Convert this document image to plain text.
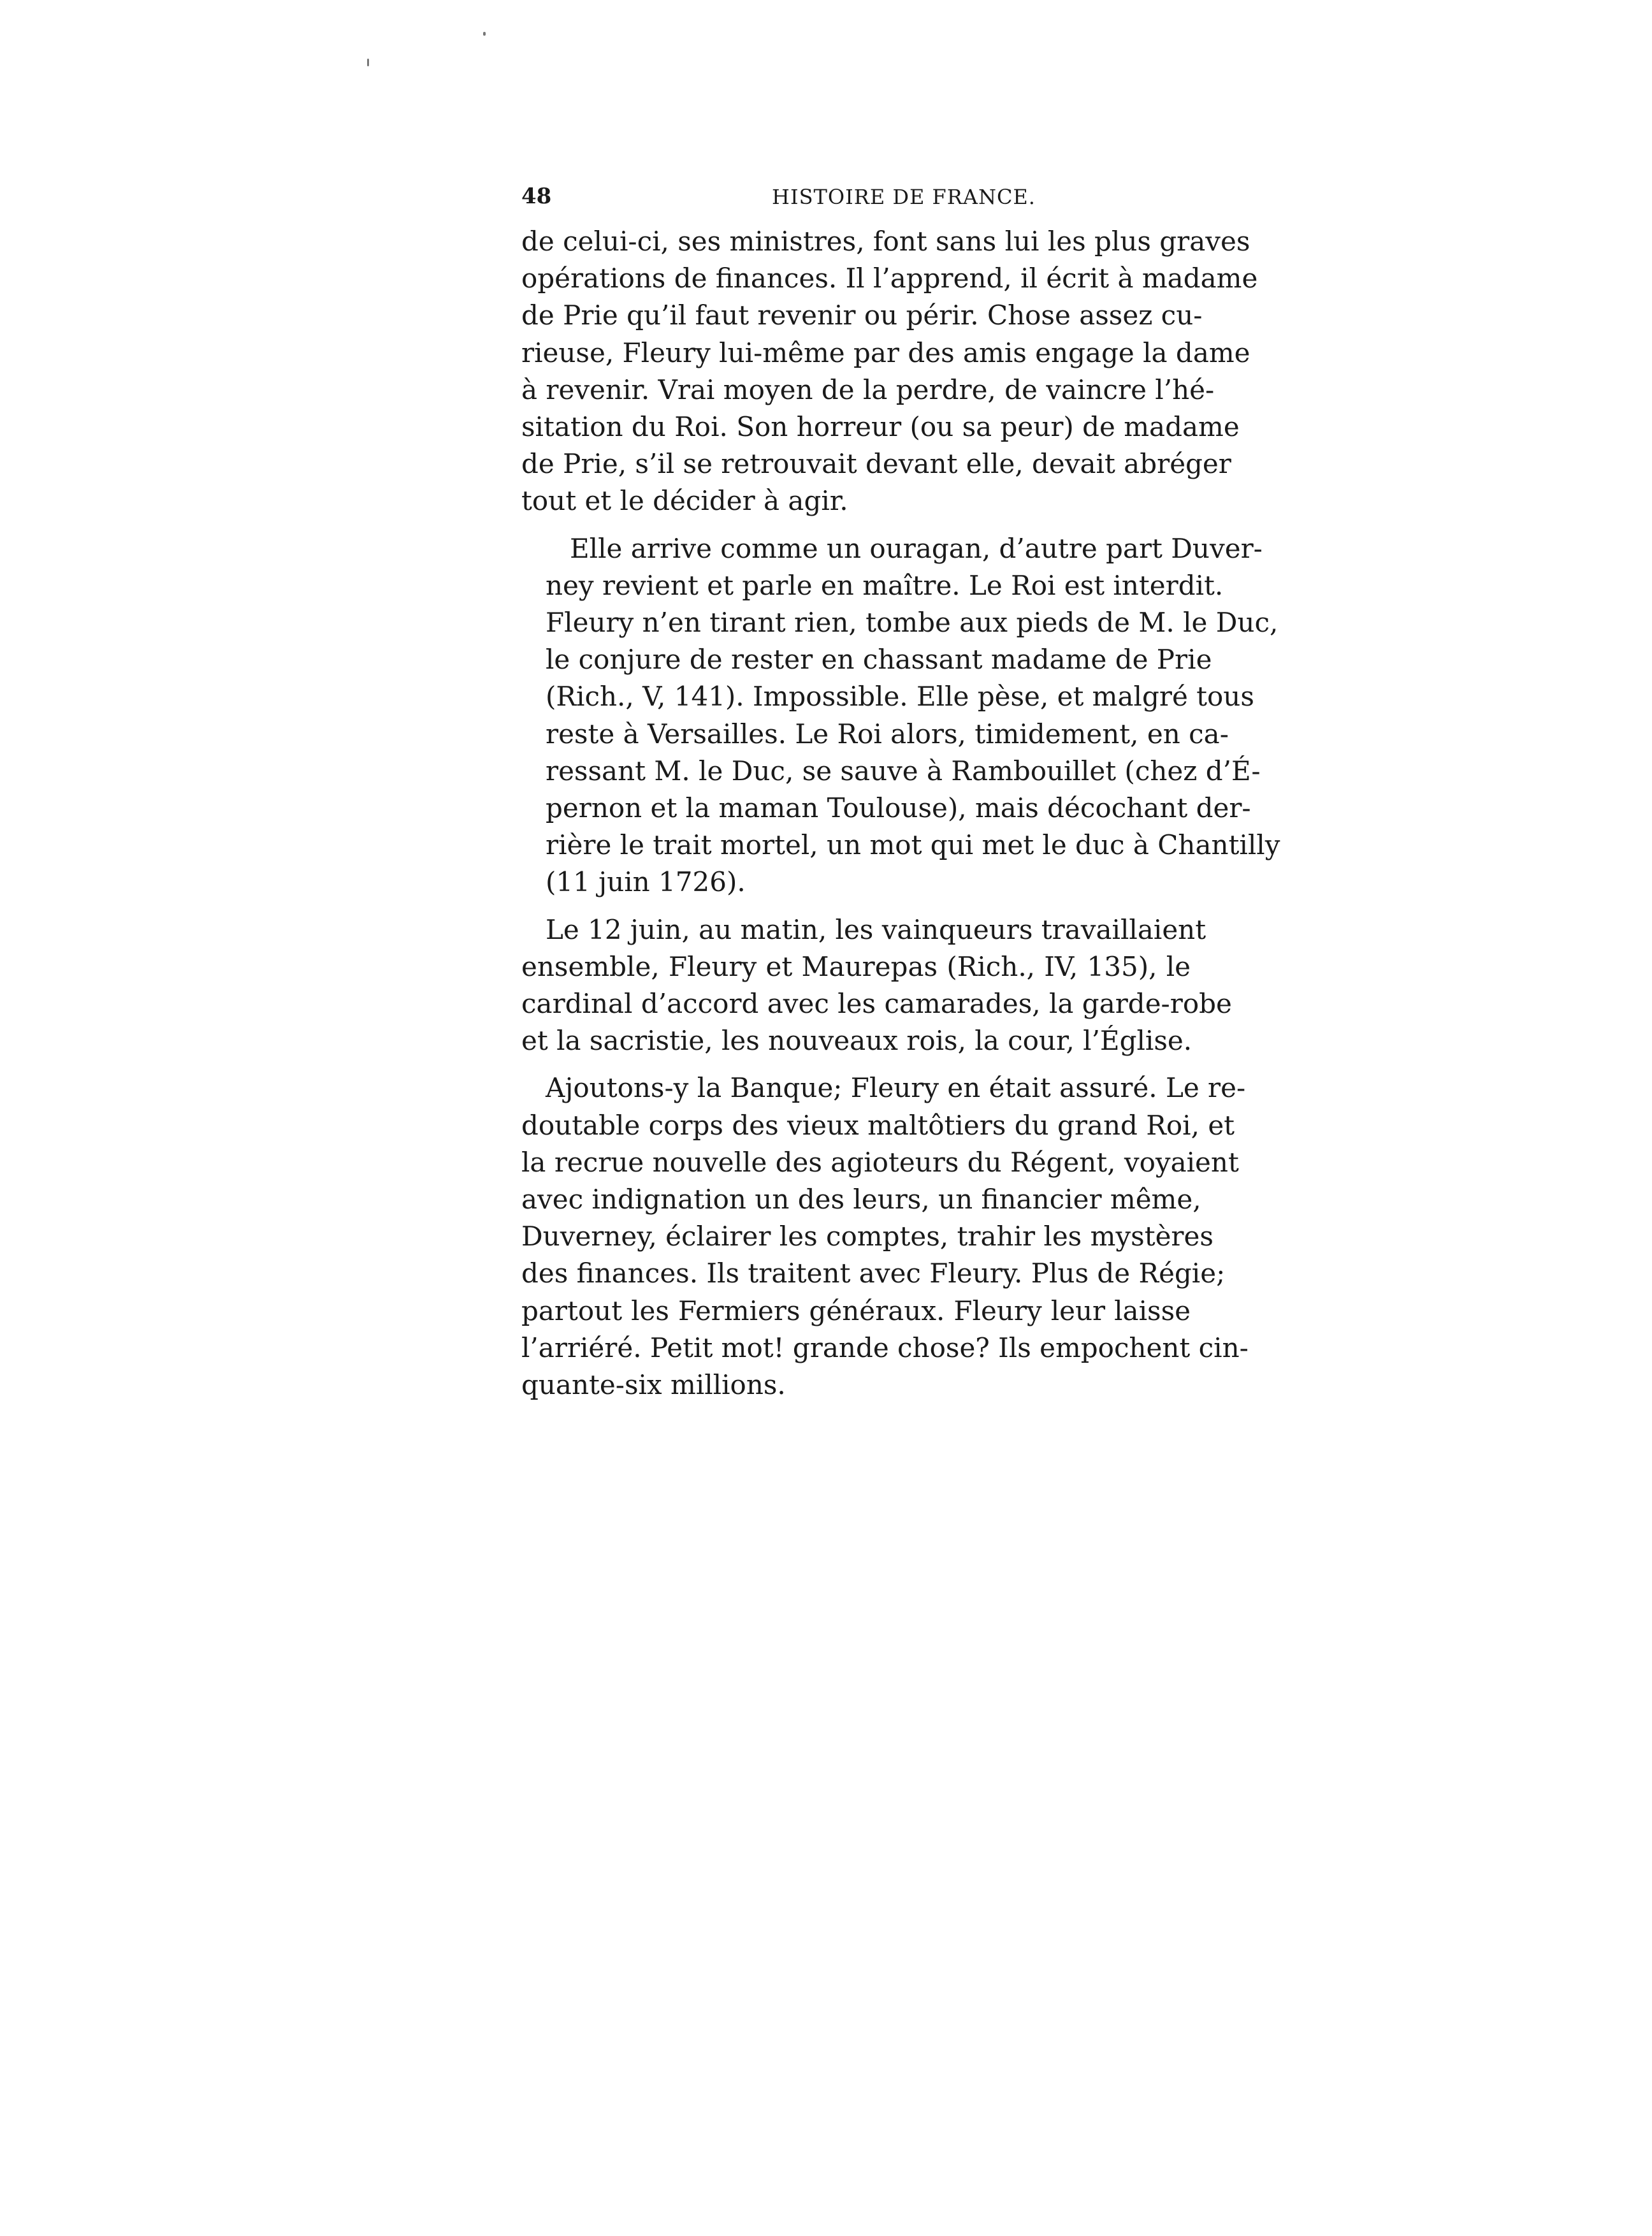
48	HISTOIRE DE FRANCE.

de celui-ci, ses ministres, font sans lui les plus graves
opérations de finances. Il l’apprend, il écrit à madame
de Prie qu’il faut revenir ou périr. Chose assez cu-
rieuse, Fleury lui-même par des amis engage la dame
à revenir. Vrai moyen de la perdre, de vaincre l’hé-
sitation du Roi. Son horreur (ou sa peur) de madame
de Prie, s’il se retrouvait devant elle, devait abréger
tout et le décider à agir.

Elle arrive comme un ouragan, d’autre part Duver-
ney revient et parle en maître. Le Roi est interdit.
Fleury n’en tirant rien, tombe aux pieds de M. le Duc,
le conjure de rester en chassant madame de Prie
(Rich., V, 141). Impossible. Elle pèse, et malgré tous
reste à Versailles. Le Roi alors, timidement, en ca-
ressant M. le Duc, se sauve à Rambouillet (chez d’É-
pernon et la maman Toulouse), mais décochant der-
rière le trait mortel, un mot qui met le duc à Chantilly
(11 juin 1726).

Le 12 juin, au matin, les vainqueurs travaillaient
ensemble, Fleury et Maurepas (Rich., IV, 135), le
cardinal d’accord avec les camarades, la garde-robe
et la sacristie, les nouveaux rois, la cour, l’Église.

Ajoutons-y la Banque; Fleury en était assuré. Le re-
doutable corps des vieux maltôtiers du grand Roi, et
la recrue nouvelle des agioteurs du Régent, voyaient
avec indignation un des leurs, un financier même,
Duverney, éclairer les comptes, trahir les mystères
des finances. Ils traitent avec Fleury. Plus de Régie;
partout les Fermiers généraux. Fleury leur laisse
l’arriéré. Petit mot! grande chose? Ils empochent cin-
quante-six millions.
